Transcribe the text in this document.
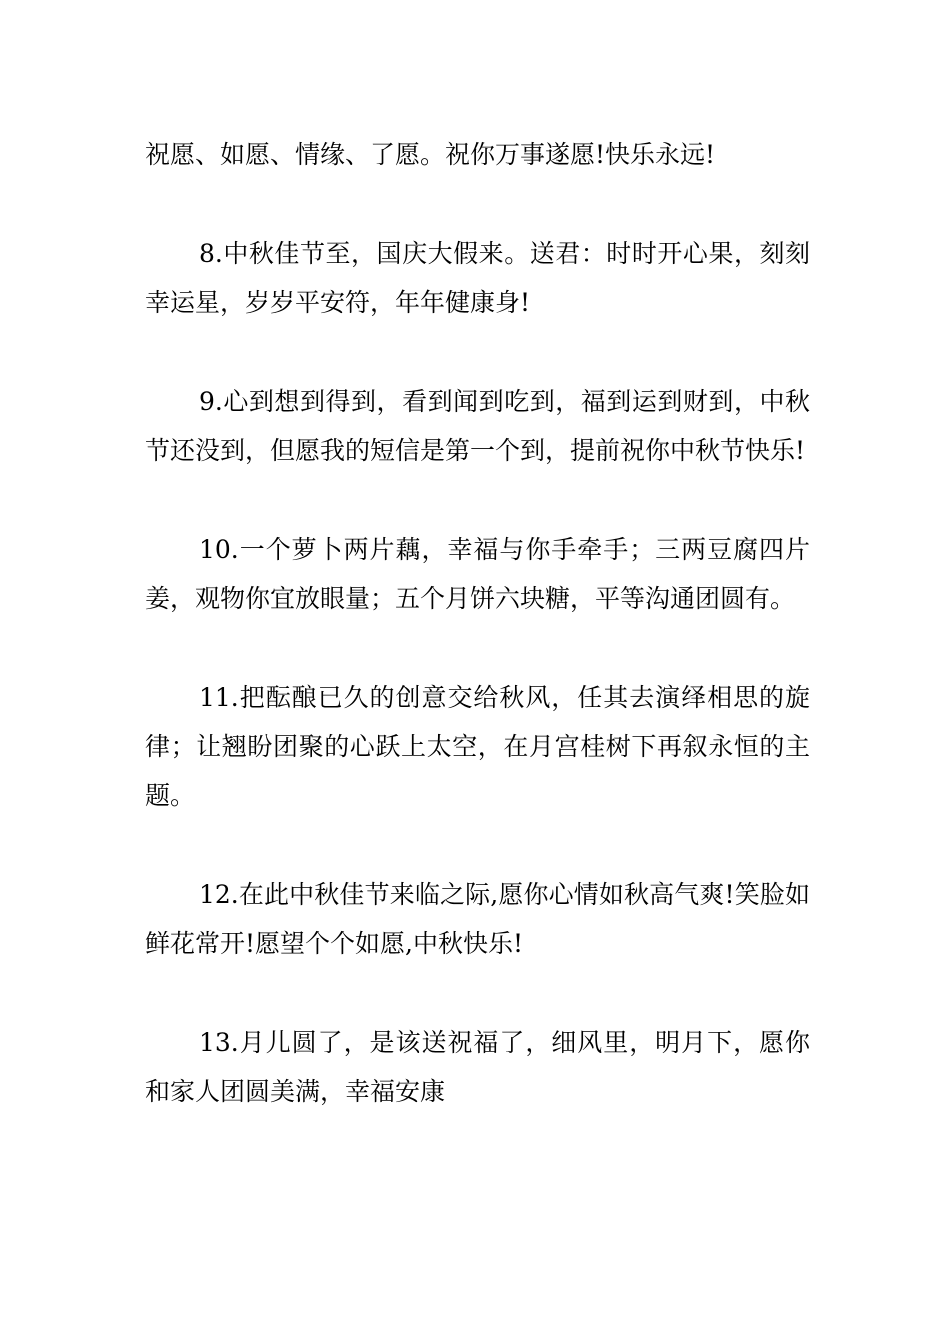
祝愿、如愿、情缘、了愿。祝你万事遂愿!快乐永远!

8.中秋佳节至，国庆大假来。送君：时时开心果，刻刻幸运星，岁岁平安符，年年健康身!

9.心到想到得到，看到闻到吃到，福到运到财到，中秋节还没到，但愿我的短信是第一个到，提前祝你中秋节快乐!

10.一个萝卜两片藕，幸福与你手牵手；三两豆腐四片姜，观物你宜放眼量；五个月饼六块糖，平等沟通团圆有。

11.把酝酿已久的创意交给秋风，任其去演绎相思的旋律；让翘盼团聚的心跃上太空，在月宫桂树下再叙永恒的主题。

12.在此中秋佳节来临之际,愿你心情如秋高气爽!笑脸如鲜花常开!愿望个个如愿,中秋快乐!

13.月儿圆了，是该送祝福了，细风里，明月下，愿你和家人团圆美满，幸福安康
